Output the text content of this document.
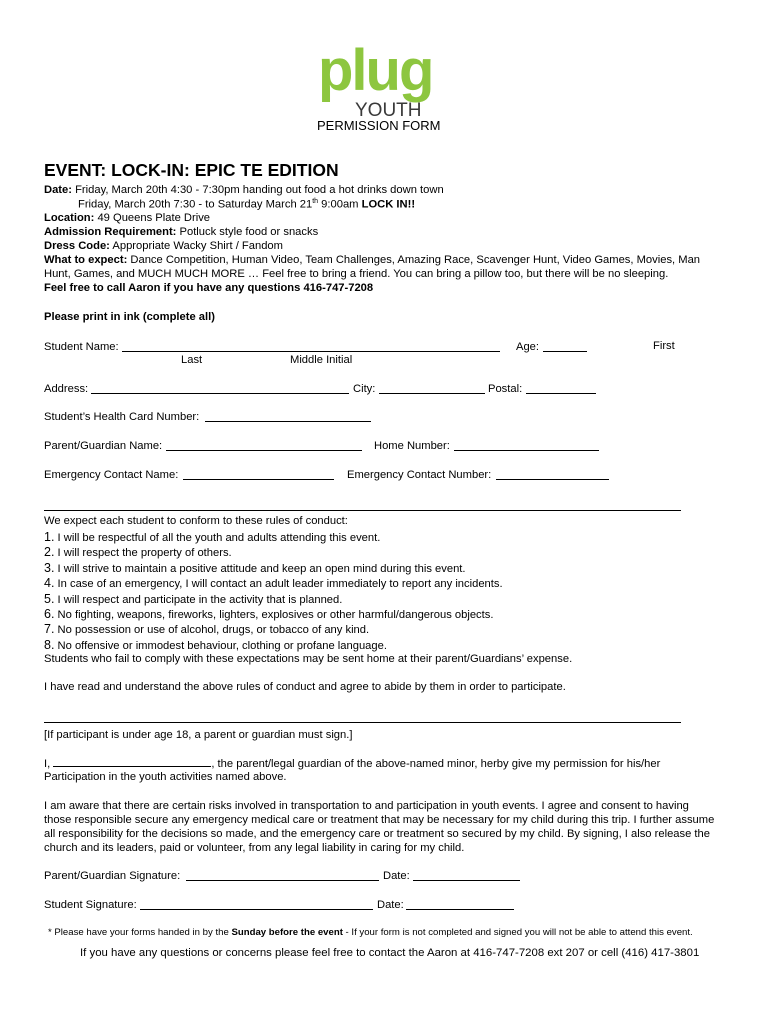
plug
YOUTH
PERMISSION FORM
EVENT: LOCK-IN: EPIC TE EDITION
Date: Friday, March 20th 4:30 - 7:30pm handing out food a hot drinks down town
Friday, March 20th 7:30 - to Saturday March 21th 9:00am LOCK IN!!
Location: 49 Queens Plate Drive
Admission Requirement: Potluck style food or snacks
Dress Code: Appropriate Wacky Shirt / Fandom
What to expect: Dance Competition, Human Video, Team Challenges, Amazing Race, Scavenger Hunt, Video Games, Movies, Man
Hunt, Games, and MUCH MUCH MORE … Feel free to bring a friend. You can bring a pillow too, but there will be no sleeping.
Feel free to call Aaron if you have any questions 416-747-7208
Please print in ink (complete all)
Student Name:	Age:	First
Last	Middle Initial
Address:	City:	Postal:
Student’s Health Card Number:
Parent/Guardian Name:	Home Number:
Emergency Contact Name:	Emergency Contact Number:
We expect each student to conform to these rules of conduct:
1. I will be respectful of all the youth and adults attending this event.
2. I will respect the property of others.
3. I will strive to maintain a positive attitude and keep an open mind during this event.
4. In case of an emergency, I will contact an adult leader immediately to report any incidents.
5. I will respect and participate in the activity that is planned.
6. No fighting, weapons, fireworks, lighters, explosives or other harmful/dangerous objects.
7. No possession or use of alcohol, drugs, or tobacco of any kind.
8. No offensive or immodest behaviour, clothing or profane language.
Students who fail to comply with these expectations may be sent home at their parent/Guardians’ expense.
I have read and understand the above rules of conduct and agree to abide by them in order to participate.
[If participant is under age 18, a parent or guardian must sign.]
I,	, the parent/legal guardian of the above-named minor, herby give my permission for his/her
Participation in the youth activities named above.
I am aware that there are certain risks involved in transportation to and participation in youth events. I agree and consent to having
those responsible secure any emergency medical care or treatment that may be necessary for my child during this trip. I further assume
all responsibility for the decisions so made, and the emergency care or treatment so secured by my child. By signing, I also release the
church and its leaders, paid or volunteer, from any legal liability in caring for my child.
Parent/Guardian Signature:	Date:
Student Signature:	Date:
* Please have your forms handed in by the Sunday before the event - If your form is not completed and signed you will not be able to attend this event.
If you have any questions or concerns please feel free to contact the Aaron at 416-747-7208 ext 207 or cell (416) 417-3801
